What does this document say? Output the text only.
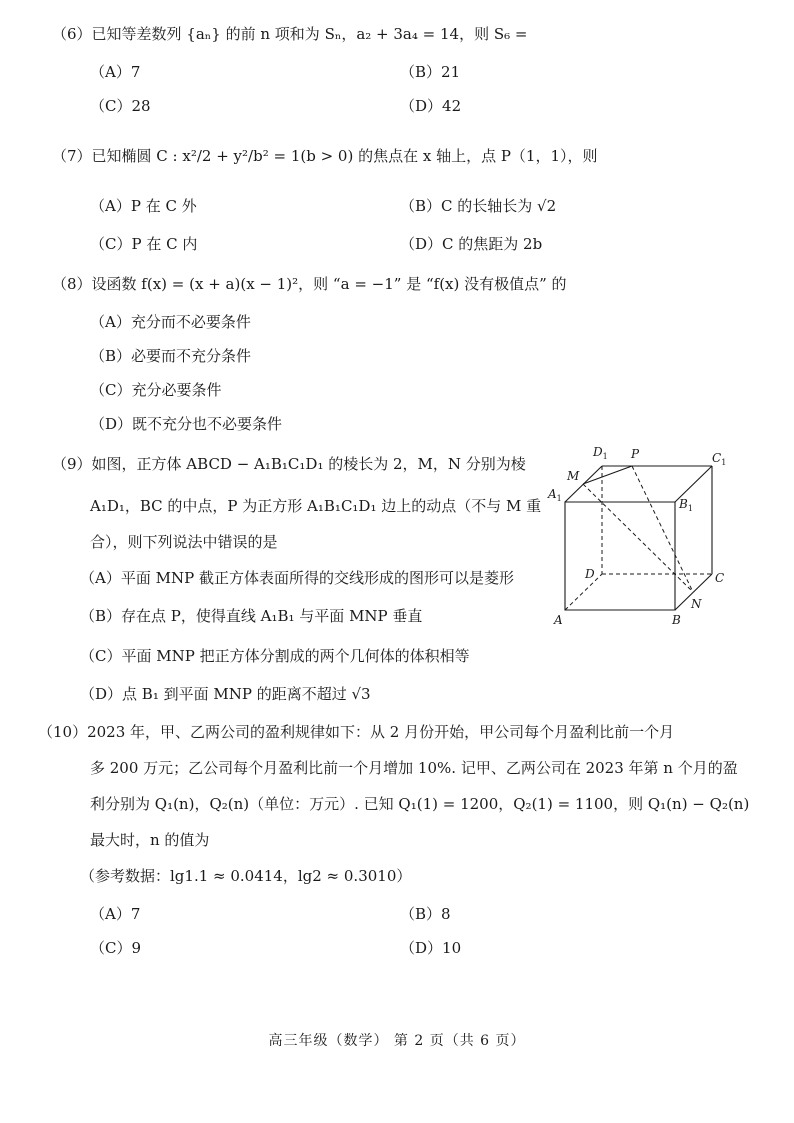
（6）已知等差数列 {aₙ} 的前 n 项和为 Sₙ，a₂ + 3a₄ = 14，则 S₆ =
（A）7	（B）21
（C）28	（D）42
（7）已知椭圆 C : x²/2 + y²/b² = 1(b > 0) 的焦点在 x 轴上，点 P（1，1），则
（A）P 在 C 外	（B）C 的长轴长为 √2
（C）P 在 C 内	（D）C 的焦距为 2b
（8）设函数 f(x) = (x + a)(x − 1)²，则 “a = −1” 是 “f(x) 没有极值点” 的
（A）充分而不必要条件
（B）必要而不充分条件
（C）充分必要条件
（D）既不充分也不必要条件
（9）如图，正方体 ABCD − A₁B₁C₁D₁ 的棱长为 2，M，N 分别为棱
A₁D₁，BC 的中点，P 为正方形 A₁B₁C₁D₁ 边上的动点（不与 M 重
合），则下列说法中错误的是
（A）平面 MNP 截正方体表面所得的交线形成的图形可以是菱形
（B）存在点 P，使得直线 A₁B₁ 与平面 MNP 垂直
（C）平面 MNP 把正方体分割成的两个几何体的体积相等
（D）点 B₁ 到平面 MNP 的距离不超过 √3
$A_1$	$B_1$
$C_1$
$D_1$
A	B
C
D
M
N
P
（10）2023 年，甲、乙两公司的盈利规律如下：从 2 月份开始，甲公司每个月盈利比前一个月
多 200 万元；乙公司每个月盈利比前一个月增加 10%. 记甲、乙两公司在 2023 年第 n 个月的盈
利分别为 Q₁(n)，Q₂(n)（单位：万元）. 已知 Q₁(1) = 1200，Q₂(1) = 1100，则 Q₁(n) − Q₂(n)
最大时，n 的值为
（参考数据：lg1.1 ≈ 0.0414，lg2 ≈ 0.3010）
（A）7	（B）8
（C）9	（D）10
高三年级（数学） 第 2 页（共 6 页）
